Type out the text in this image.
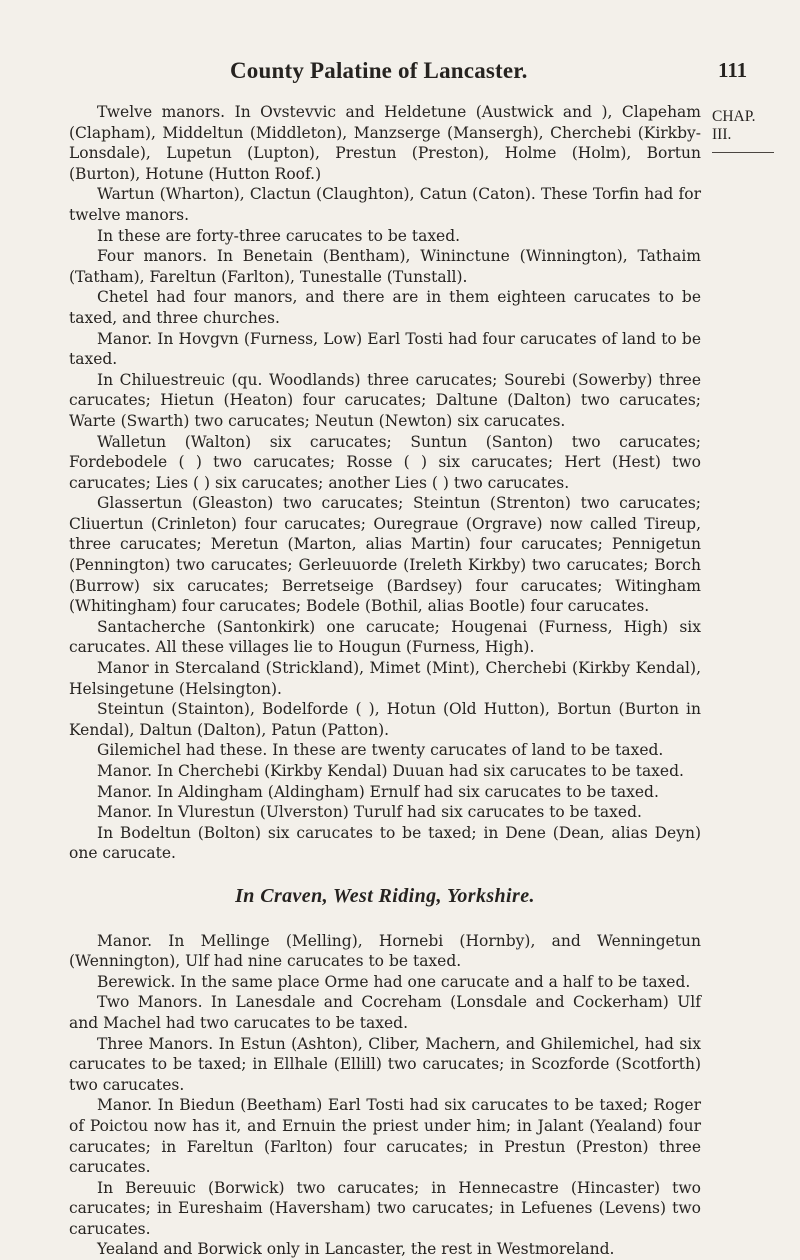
County Palatine of Lancaster.	111
CHAP.
III.

Twelve manors. In Ovstevvic and Heldetune (Austwick and ), Clapeham (Clapham), Middeltun (Middleton), Manzserge (Mansergh), Cherchebi (Kirkby-Lonsdale), Lupetun (Lupton), Prestun (Preston), Holme (Holm), Bortun (Burton), Hotune (Hutton Roof.)

Wartun (Wharton), Clactun (Claughton), Catun (Caton). These Torfin had for twelve manors.

In these are forty-three carucates to be taxed.

Four manors. In Benetain (Bentham), Wininctune (Winnington), Tathaim (Tatham), Fareltun (Farlton), Tunestalle (Tunstall).

Chetel had four manors, and there are in them eighteen carucates to be taxed, and three churches.

Manor. In Hovgvn (Furness, Low) Earl Tosti had four carucates of land to be taxed.

In Chiluestreuic (qu. Woodlands) three carucates; Sourebi (Sowerby) three carucates; Hietun (Heaton) four carucates; Daltune (Dalton) two carucates; Warte (Swarth) two carucates; Neutun (Newton) six carucates.

Walletun (Walton) six carucates; Suntun (Santon) two carucates; Fordebodele ( ) two carucates; Rosse ( ) six carucates; Hert (Hest) two carucates; Lies ( ) six carucates; another Lies ( ) two carucates.

Glassertun (Gleaston) two carucates; Steintun (Strenton) two carucates; Cliuertun (Crinleton) four carucates; Ouregraue (Orgrave) now called Tireup, three carucates; Meretun (Marton, alias Martin) four carucates; Pennigetun (Pennington) two carucates; Gerleuuorde (Ireleth Kirkby) two carucates; Borch (Burrow) six carucates; Berretseige (Bardsey) four carucates; Witingham (Whitingham) four carucates; Bodele (Bothil, alias Bootle) four carucates.

Santacherche (Santonkirk) one carucate; Hougenai (Furness, High) six carucates. All these villages lie to Hougun (Furness, High).

Manor in Stercaland (Strickland), Mimet (Mint), Cherchebi (Kirkby Kendal), Helsingetune (Helsington).

Steintun (Stainton), Bodelforde ( ), Hotun (Old Hutton), Bortun (Burton in Kendal), Daltun (Dalton), Patun (Patton).

Gilemichel had these. In these are twenty carucates of land to be taxed.

Manor. In Cherchebi (Kirkby Kendal) Duuan had six carucates to be taxed.

Manor. In Aldingham (Aldingham) Ernulf had six carucates to be taxed.

Manor. In Vlurestun (Ulverston) Turulf had six carucates to be taxed.

In Bodeltun (Bolton) six carucates to be taxed; in Dene (Dean, alias Deyn) one carucate.

In Craven, West Riding, Yorkshire.

Manor. In Mellinge (Melling), Hornebi (Hornby), and Wenningetun (Wennington), Ulf had nine carucates to be taxed.

Berewick. In the same place Orme had one carucate and a half to be taxed.

Two Manors. In Lanesdale and Cocreham (Lonsdale and Cockerham) Ulf and Machel had two carucates to be taxed.

Three Manors. In Estun (Ashton), Cliber, Machern, and Ghilemichel, had six carucates to be taxed; in Ellhale (Ellill) two carucates; in Scozforde (Scotforth) two carucates.

Manor. In Biedun (Beetham) Earl Tosti had six carucates to be taxed; Roger of Poictou now has it, and Ernuin the priest under him; in Jalant (Yealand) four carucates; in Fareltun (Farlton) four carucates; in Prestun (Preston) three carucates.

In Bereuuic (Borwick) two carucates; in Hennecastre (Hincaster) two carucates; in Eureshaim (Haversham) two carucates; in Lefuenes (Levens) two carucates.

Yealand and Borwick only in Lancaster, the rest in Westmoreland.
